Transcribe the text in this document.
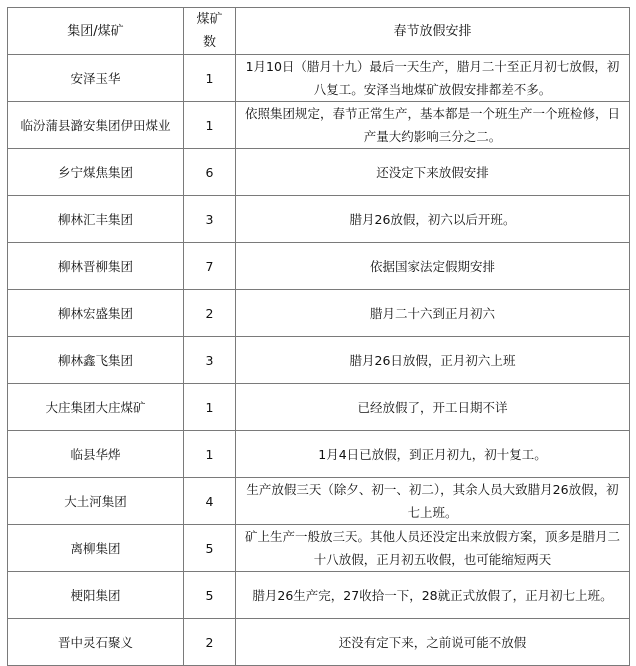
集团/煤矿	煤矿数	春节放假安排
安泽玉华	1	1月10日（腊月十九）最后一天生产，腊月二十至正月初七放假，初八复工。安泽当地煤矿放假安排都差不多。
临汾蒲县潞安集团伊田煤业	1	依照集团规定，春节正常生产，基本都是一个班生产一个班检修，日产量大约影响三分之二。
乡宁煤焦集团	6	还没定下来放假安排
柳林汇丰集团	3	腊月26放假，初六以后开班。
柳林晋柳集团	7	依据国家法定假期安排
柳林宏盛集团	2	腊月二十六到正月初六
柳林鑫飞集团	3	腊月26日放假，正月初六上班
大庄集团大庄煤矿	1	已经放假了，开工日期不详
临县华烨	1	1月4日已放假，到正月初九，初十复工。
大土河集团	4	生产放假三天（除夕、初一、初二），其余人员大致腊月26放假，初七上班。
离柳集团	5	矿上生产一般放三天。其他人员还没定出来放假方案，顶多是腊月二十八放假，正月初五收假，也可能缩短两天
梗阳集团	5	腊月26生产完，27收拾一下，28就正式放假了，正月初七上班。
晋中灵石聚义	2	还没有定下来，之前说可能不放假
